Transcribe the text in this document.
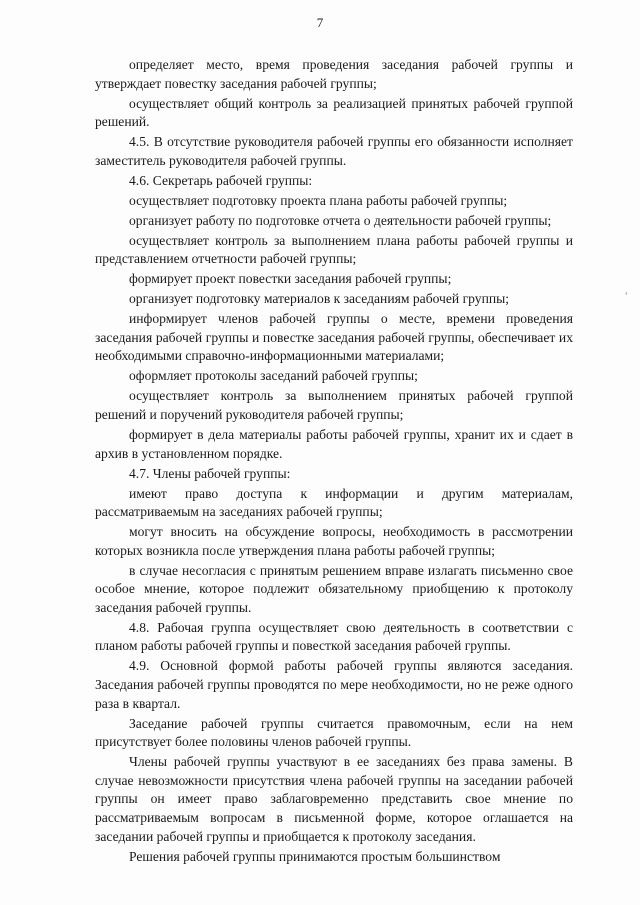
7
‘

определяет место, время проведения заседания рабочей группы и утверждает повестку заседания рабочей группы;

осуществляет общий контроль за реализацией принятых рабочей группой решений.

4.5. В отсутствие руководителя рабочей группы его обязанности исполняет заместитель руководителя рабочей группы.

4.6. Секретарь рабочей группы:

осуществляет подготовку проекта плана работы рабочей группы;

организует работу по подготовке отчета о деятельности рабочей группы;

осуществляет контроль за выполнением плана работы рабочей группы и представлением отчетности рабочей группы;

формирует проект повестки заседания рабочей группы;

организует подготовку материалов к заседаниям рабочей группы;

информирует членов рабочей группы о месте, времени проведения заседания рабочей группы и повестке заседания рабочей группы, обеспечивает их необходимыми справочно-информационными материалами;

оформляет протоколы заседаний рабочей группы;

осуществляет контроль за выполнением принятых рабочей группой решений и поручений руководителя рабочей группы;

формирует в дела материалы работы рабочей группы, хранит их и сдает в архив в установленном порядке.

4.7. Члены рабочей группы:

имеют право доступа к информации и другим материалам, рассматриваемым на заседаниях рабочей группы;

могут вносить на обсуждение вопросы, необходимость в рассмотрении которых возникла после утверждения плана работы рабочей группы;

в случае несогласия с принятым решением вправе излагать письменно свое особое мнение, которое подлежит обязательному приобщению к протоколу заседания рабочей группы.

4.8. Рабочая группа осуществляет свою деятельность в соответствии с планом работы рабочей группы и повесткой заседания рабочей группы.

4.9. Основной формой работы рабочей группы являются заседания. Заседания рабочей группы проводятся по мере необходимости, но не реже одного раза в квартал.

Заседание рабочей группы считается правомочным, если на нем присутствует более половины членов рабочей группы.

Члены рабочей группы участвуют в ее заседаниях без права замены. В случае невозможности присутствия члена рабочей группы на заседании рабочей группы он имеет право заблаговременно представить свое мнение по рассматриваемым вопросам в письменной форме, которое оглашается на заседании рабочей группы и приобщается к протоколу заседания.

Решения рабочей группы принимаются простым большинством
